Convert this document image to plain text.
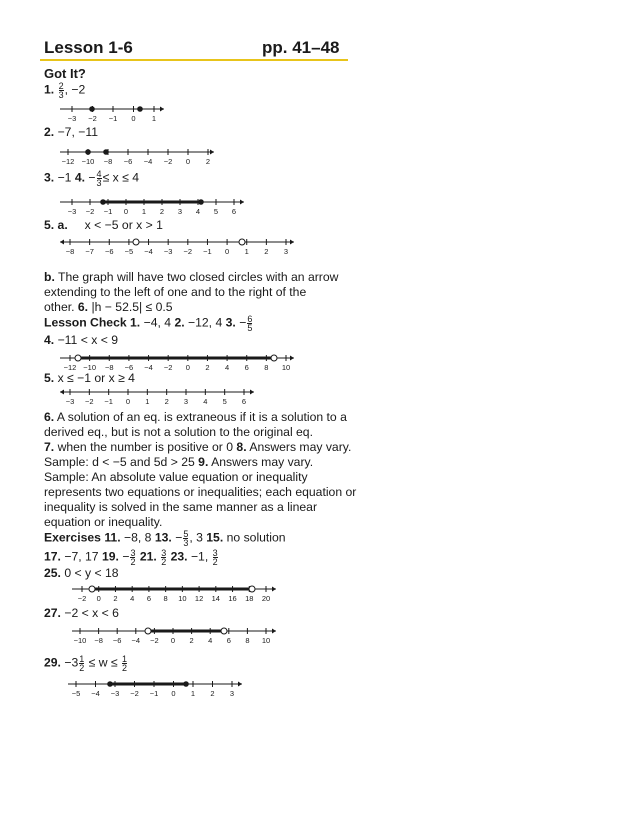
Lesson 1-6	pp. 41–48
Got It?
1. $\frac{2}{3}$ , −2
−3 −2 −1 0 1
2. −7, −11
−12 −10 −8 −6 −4 −2 0 2
3. −1 4. − $\frac{4}{3} \le x \le 4$
−3 −2 −1 0 1 2 3 4 5 6
5. a. x < −5 or x > 1
−8 −7 −6 −5 −4 −3 −2 −1 0 1 2 3
b. The graph will have two closed circles with an arrow
extending to the left of one and to the right of the
other. 6. |h − 52.5| ≤ 0.5
Lesson Check 1. −4, 4 2. −12, 4 3. − $\frac{6}{5}$
4. −11 < x < 9
−12 −10 −8 −6 −4 −2 0 2 4 6 8 10
5. x ≤ −1 or x ≥ 4
−3 −2 −1 0 1 2 3 4 5 6
6. A solution of an eq. is extraneous if it is a solution to a
derived eq., but is not a solution to the original eq.
7. when the number is positive or 0 8. Answers may vary.
Sample: d < −5 and 5d > 25 9. Answers may vary.
Sample: An absolute value equation or inequality
represents two equations or inequalities; each equation or
inequality is solved in the same manner as a linear
equation or inequality.
Exercises 11. −8, 8 13. − $\frac{5}{3}$ , 3 15. no solution
17. −7, 17 19. − $\frac{3}{2} 21$. $\frac{3}{2} 23$. −1, $\frac{3}{2}$
25. 0 < y < 18
−2 0 2 4 6 8 10 12 14 16 18 20
27. −2 < x < 6
−10 −8 −6 −4 −2 0 2 4 6 8 10
29. $-3 \frac{1}{2} \le w \le \frac{1}{2}$
−5 −4 −3 −2 −1 0 1 2 3
